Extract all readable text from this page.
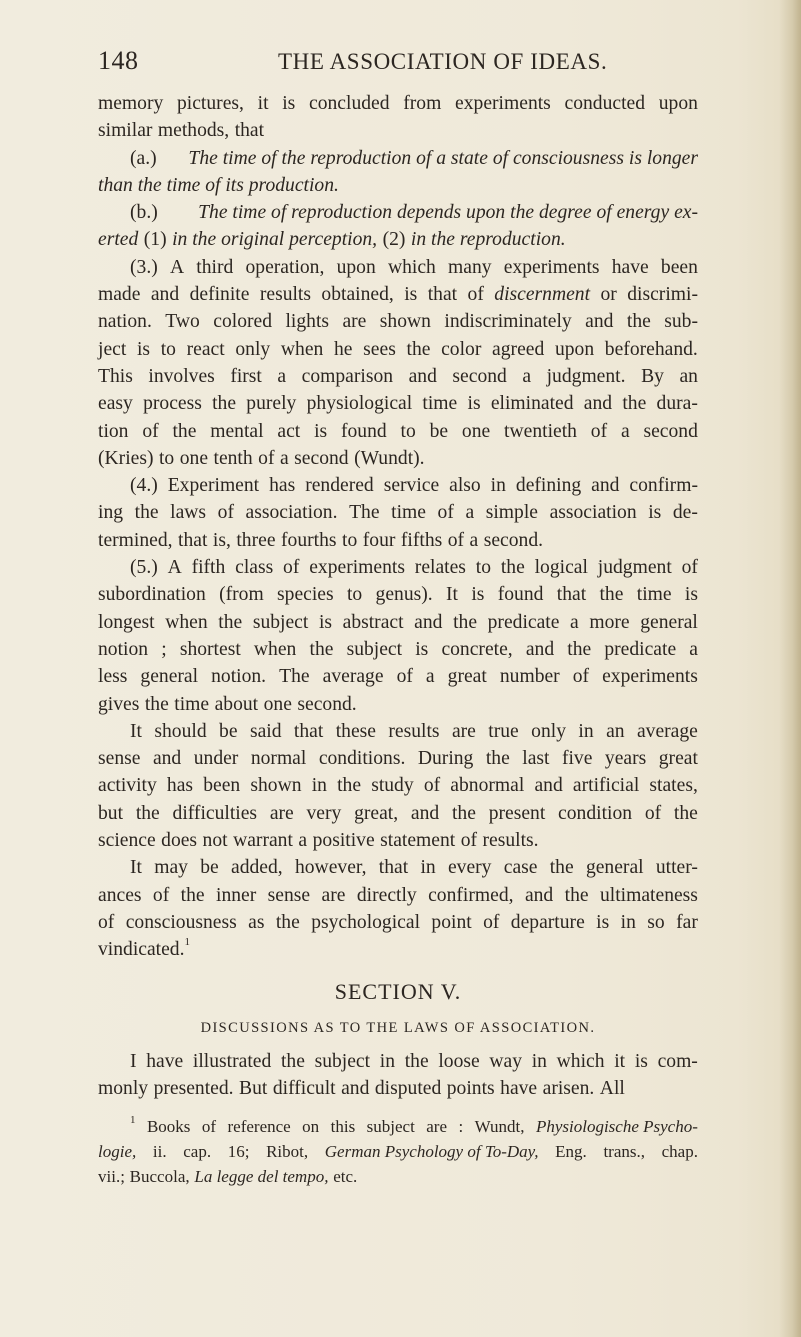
148	THE ASSOCIATION OF IDEAS.
memory pictures, it is concluded from experiments conducted upon
similar methods, that
(a.) The time of the reproduction of a state of consciousness is longer
than the time of its production.
(b.) The time of reproduction depends upon the degree of energy ex-
erted (1) in the original perception, (2) in the reproduction.
(3.) A third operation, upon which many experiments have been
made and definite results obtained, is that of discernment or discrimi-
nation. Two colored lights are shown indiscriminately and the sub-
ject is to react only when he sees the color agreed upon beforehand.
This involves first a comparison and second a judgment. By an
easy process the purely physiological time is eliminated and the dura-
tion of the mental act is found to be one twentieth of a second
(Kries) to one tenth of a second (Wundt).
(4.) Experiment has rendered service also in defining and confirm-
ing the laws of association. The time of a simple association is de-
termined, that is, three fourths to four fifths of a second.
(5.) A fifth class of experiments relates to the logical judgment of
subordination (from species to genus). It is found that the time is
longest when the subject is abstract and the predicate a more general
notion ; shortest when the subject is concrete, and the predicate a
less general notion. The average of a great number of experiments
gives the time about one second.
It should be said that these results are true only in an average
sense and under normal conditions. During the last five years great
activity has been shown in the study of abnormal and artificial states,
but the difficulties are very great, and the present condition of the
science does not warrant a positive statement of results.
It may be added, however, that in every case the general utter-
ances of the inner sense are directly confirmed, and the ultimateness
of consciousness as the psychological point of departure is in so far
vindicated. 1
SECTION V.
DISCUSSIONS AS TO THE LAWS OF ASSOCIATION.
I have illustrated the subject in the loose way in which it is com-
monly presented. But difficult and disputed points have arisen. All
1 Books of reference on this subject are : Wundt, Physiologische Psycho-
logie, ii. cap. 16; Ribot, German Psychology of To-Day, Eng. trans., chap.
vii.; Buccola, La legge del tempo, etc.
